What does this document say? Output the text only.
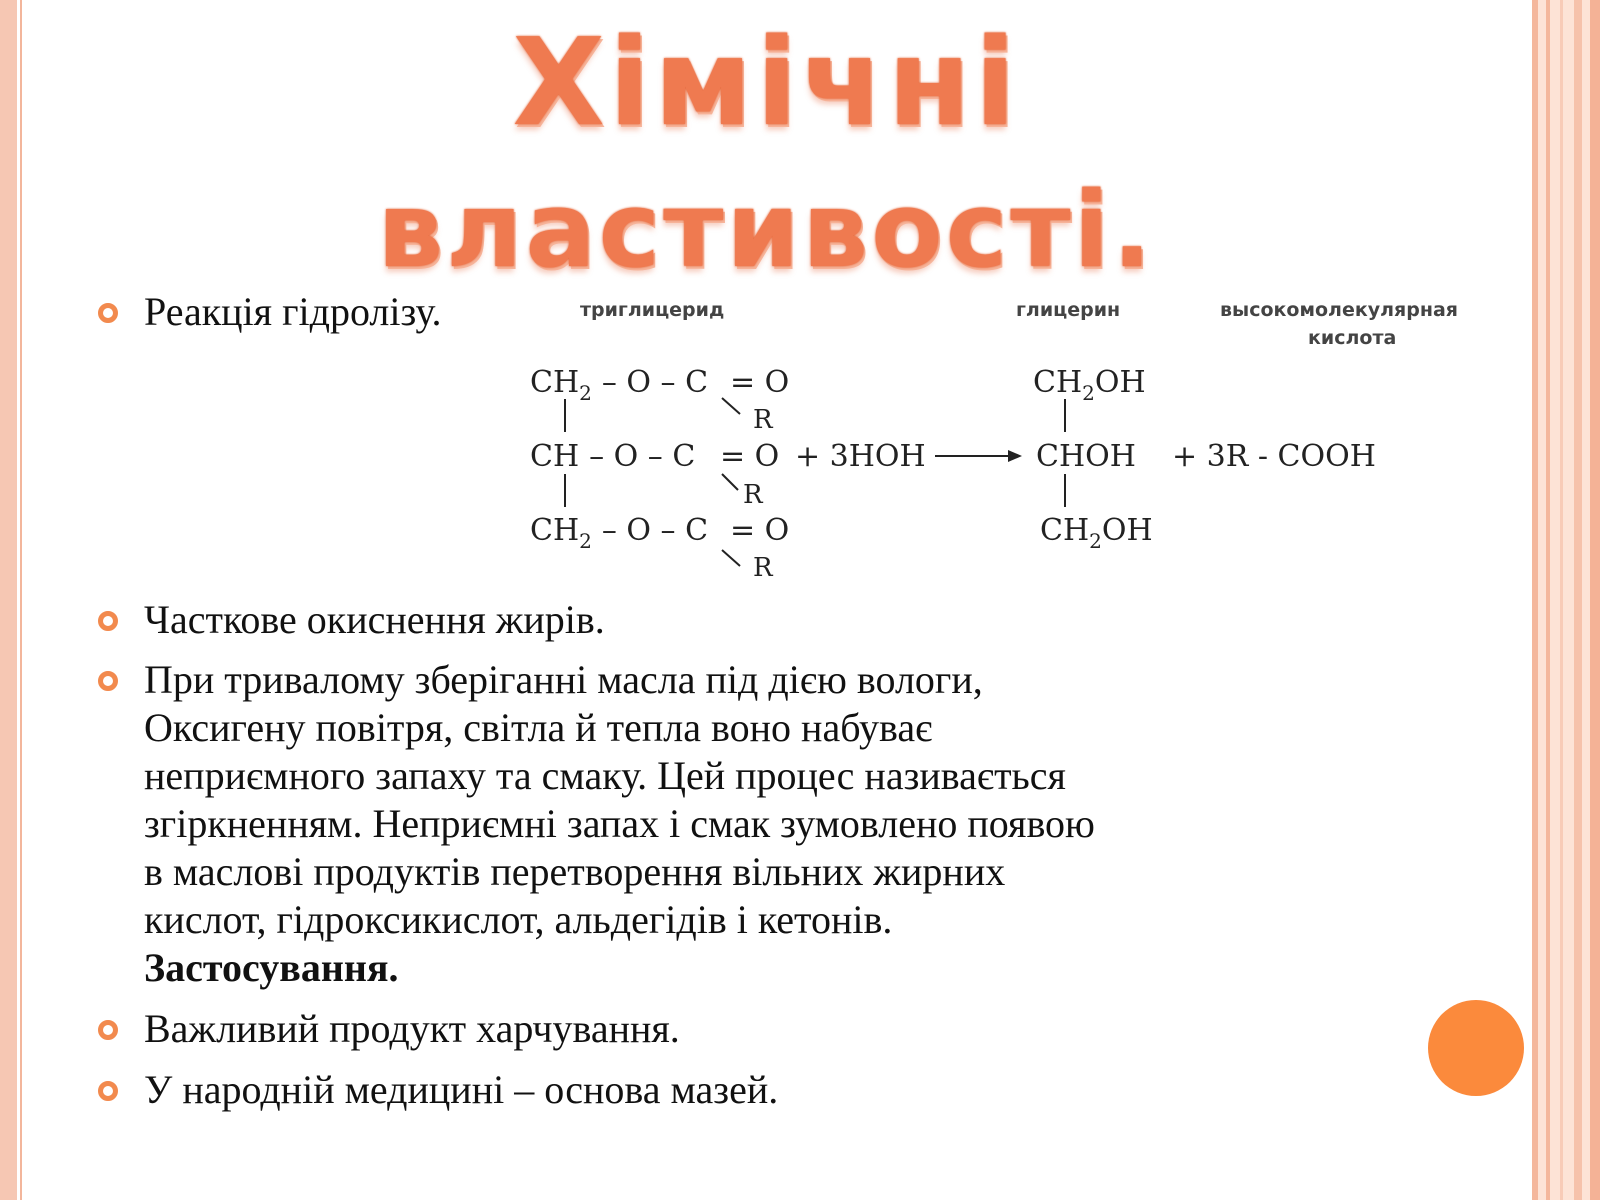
Хімічні
властивості.
Реакція гідролізу.	триглицерид	глицерин	высокомолекулярная
кислота
$CH_2 - O - C = O$
R
CH – O – C = O
R
+ 3HOH
$CH_2 - O - C = O$
R
$CH_2OH$
CHOH
$CH_2OH$
+ 3R - COOH
Часткове окиснення жирів.
При тривалому зберіганні масла під дією вологи,
Оксигену повітря, світла й тепла воно набуває
неприємного запаху та смаку. Цей процес називається
згіркненням. Неприємні запах і смак зумовлено появою
в маслові продуктів перетворення вільних жирних
кислот, гідроксикислот, альдегідів і кетонів.
Застосування.
Важливий продукт харчування.
У народній медицині – основа мазей.
